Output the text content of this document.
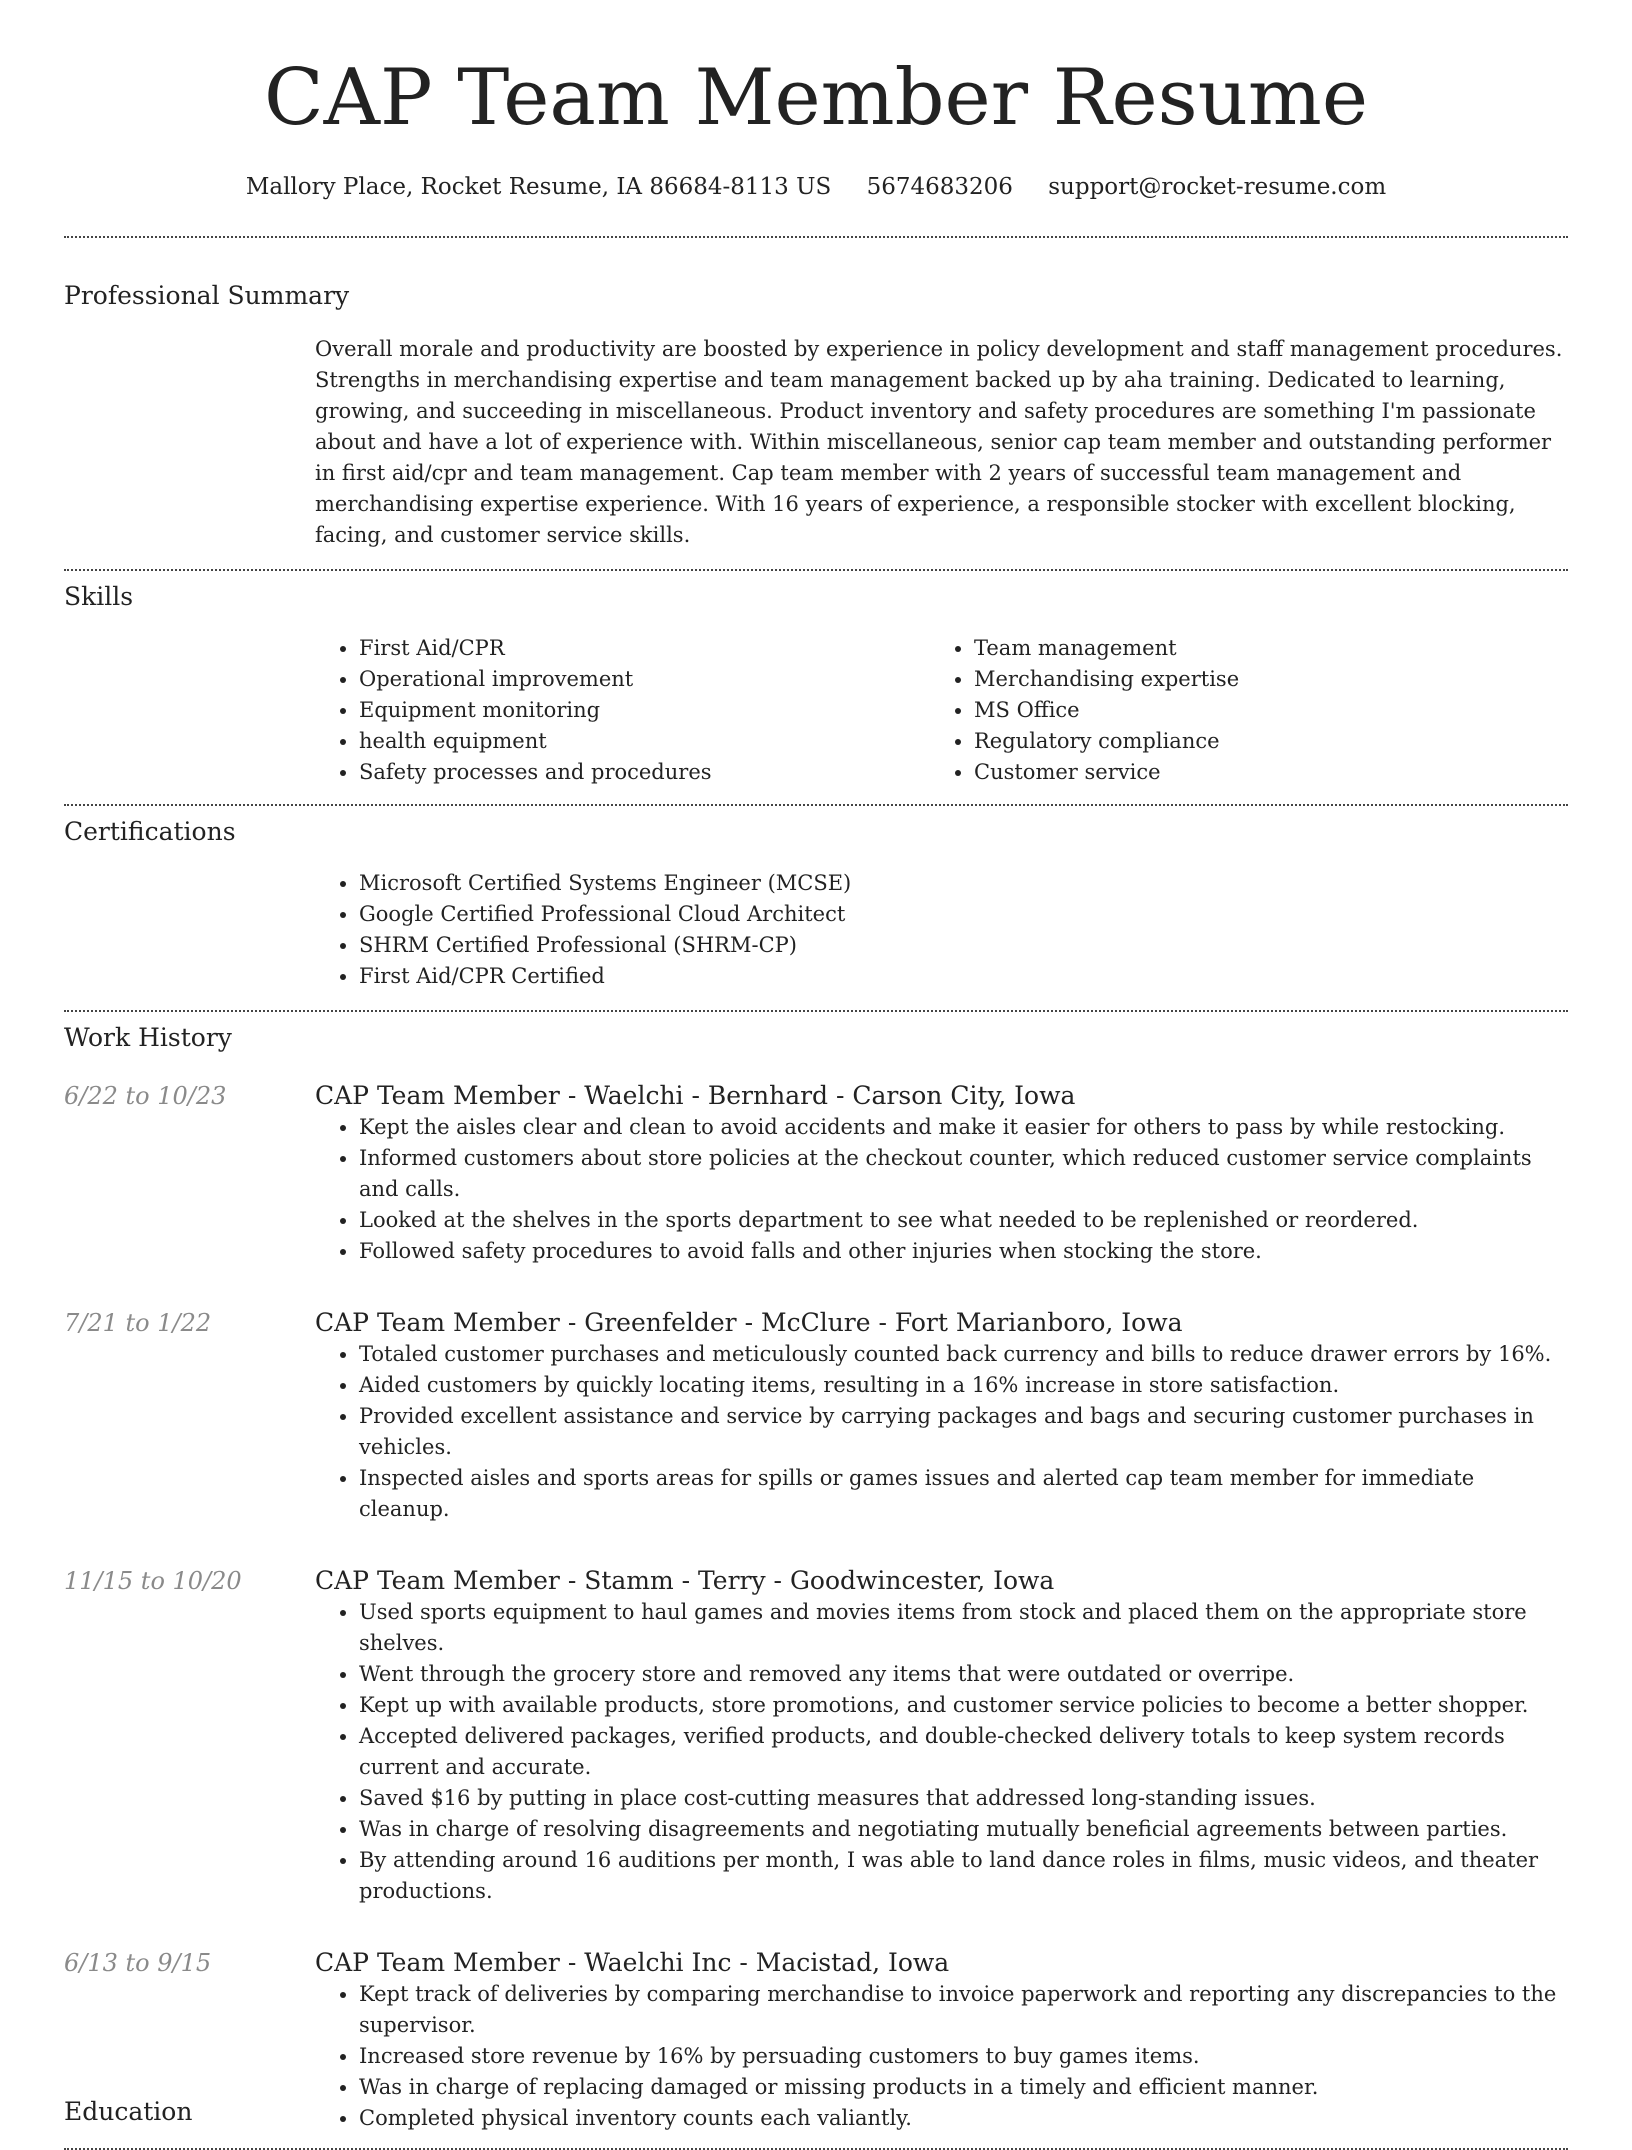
CAP Team Member Resume
Mallory Place, Rocket Resume, IA 86684-8113 US 5674683206 support@rocket-resume.com
Professional Summary

Overall morale and productivity are boosted by experience in policy development and staff management procedures. Strengths in merchandising expertise and team management backed up by aha training. Dedicated to learning, growing, and succeeding in miscellaneous. Product inventory and safety procedures are something I'm passionate about and have a lot of experience with. Within miscellaneous, senior cap team member and outstanding performer in first aid/cpr and team management. Cap team member with 2 years of successful team management and merchandising expertise experience. With 16 years of experience, a responsible stocker with excellent blocking, facing, and customer service skills.

Skills
• First Aid/CPR
• Operational improvement
• Equipment monitoring
• health equipment
• Safety processes and procedures
• Team management
• Merchandising expertise
• MS Office
• Regulatory compliance
• Customer service
Certifications
• Microsoft Certified Systems Engineer (MCSE)
• Google Certified Professional Cloud Architect
• SHRM Certified Professional (SHRM-CP)
• First Aid/CPR Certified
Work History
6/22 to 10/23	CAP Team Member - Waelchi - Bernhard - Carson City, Iowa
• Kept the aisles clear and clean to avoid accidents and make it easier for others to pass by while restocking.
• Informed customers about store policies at the checkout counter, which reduced customer service complaints and calls.
• Looked at the shelves in the sports department to see what needed to be replenished or reordered.
• Followed safety procedures to avoid falls and other injuries when stocking the store.
7/21 to 1/22	CAP Team Member - Greenfelder - McClure - Fort Marianboro, Iowa
• Totaled customer purchases and meticulously counted back currency and bills to reduce drawer errors by 16%.
• Aided customers by quickly locating items, resulting in a 16% increase in store satisfaction.
• Provided excellent assistance and service by carrying packages and bags and securing customer purchases in vehicles.
• Inspected aisles and sports areas for spills or games issues and alerted cap team member for immediate cleanup.
11/15 to 10/20	CAP Team Member - Stamm - Terry - Goodwincester, Iowa
• Used sports equipment to haul games and movies items from stock and placed them on the appropriate store shelves.
• Went through the grocery store and removed any items that were outdated or overripe.
• Kept up with available products, store promotions, and customer service policies to become a better shopper.
• Accepted delivered packages, verified products, and double-checked delivery totals to keep system records current and accurate.
• Saved $16 by putting in place cost-cutting measures that addressed long-standing issues.
• Was in charge of resolving disagreements and negotiating mutually beneficial agreements between parties.
• By attending around 16 auditions per month, I was able to land dance roles in films, music videos, and theater productions.
6/13 to 9/15	CAP Team Member - Waelchi Inc - Macistad, Iowa
• Kept track of deliveries by comparing merchandise to invoice paperwork and reporting any discrepancies to the supervisor.
• Increased store revenue by 16% by persuading customers to buy games items.
• Was in charge of replacing damaged or missing products in a timely and efficient manner.
• Completed physical inventory counts each valiantly.
Education
